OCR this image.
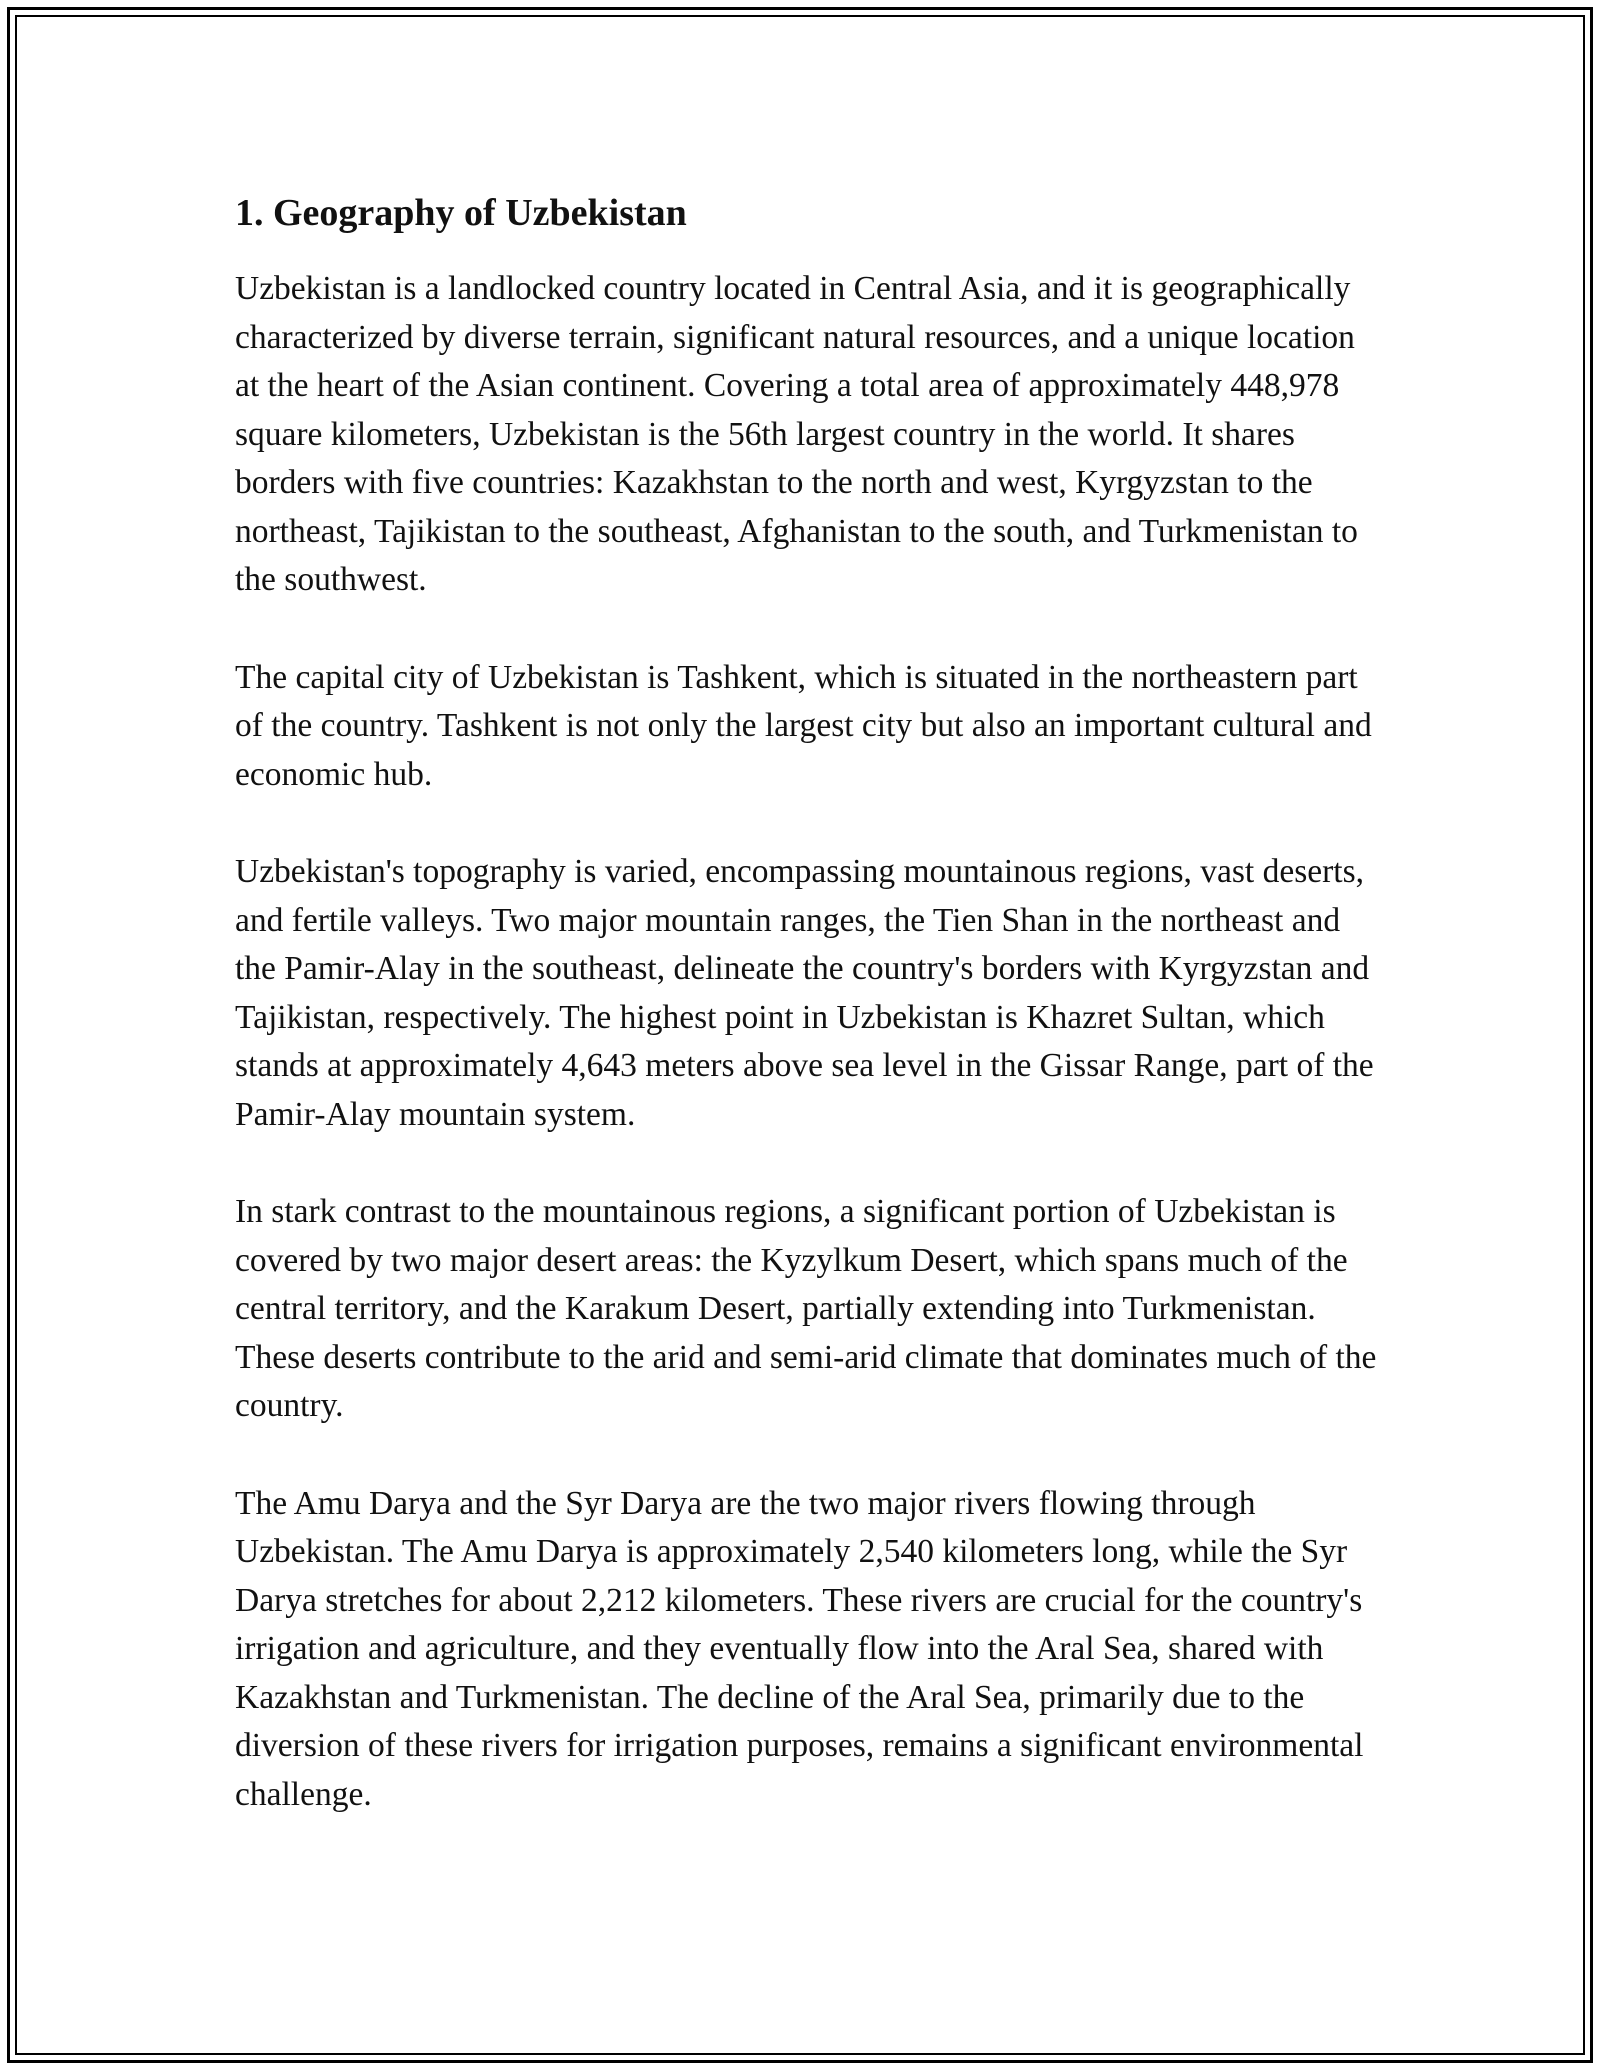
1. Geography of Uzbekistan

Uzbekistan is a landlocked country located in Central Asia, and it is geographically characterized by diverse terrain, significant natural resources, and a unique location at the heart of the Asian continent. Covering a total area of approximately 448,978 square kilometers, Uzbekistan is the 56th largest country in the world. It shares borders with five countries: Kazakhstan to the north and west, Kyrgyzstan to the northeast, Tajikistan to the southeast, Afghanistan to the south, and Turkmenistan to the southwest.

The capital city of Uzbekistan is Tashkent, which is situated in the northeastern part of the country. Tashkent is not only the largest city but also an important cultural and economic hub.

Uzbekistan's topography is varied, encompassing mountainous regions, vast deserts, and fertile valleys. Two major mountain ranges, the Tien Shan in the northeast and the Pamir-Alay in the southeast, delineate the country's borders with Kyrgyzstan and Tajikistan, respectively. The highest point in Uzbekistan is Khazret Sultan, which stands at approximately 4,643 meters above sea level in the Gissar Range, part of the Pamir-Alay mountain system.

In stark contrast to the mountainous regions, a significant portion of Uzbekistan is covered by two major desert areas: the Kyzylkum Desert, which spans much of the central territory, and the Karakum Desert, partially extending into Turkmenistan. These deserts contribute to the arid and semi-arid climate that dominates much of the country.

The Amu Darya and the Syr Darya are the two major rivers flowing through Uzbekistan. The Amu Darya is approximately 2,540 kilometers long, while the Syr Darya stretches for about 2,212 kilometers. These rivers are crucial for the country's irrigation and agriculture, and they eventually flow into the Aral Sea, shared with Kazakhstan and Turkmenistan. The decline of the Aral Sea, primarily due to the diversion of these rivers for irrigation purposes, remains a significant environmental challenge.
